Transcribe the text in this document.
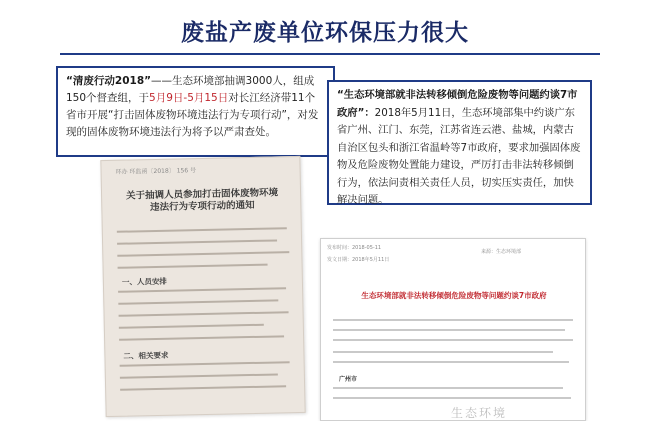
废盐产废单位环保压力很大
“清废行动2018”——生态环境部抽调3000人，组成150个督查组，于5月9日-5月15日对长江经济带11个省市开展“打击固体废物环境违法行为专项行动”，对发现的固体废物环境违法行为将予以严肃查处。
“生态环境部就非法转移倾倒危险废物等问题约谈7市政府”：2018年5月11日，生态环境部集中约谈广东省广州、江门、东莞，江苏省连云港、盐城，内蒙古自治区包头和浙江省温岭等7市政府，要求加强固体废物及危险废物处置能力建设，严厉打击非法转移倾倒行为，依法问责相关责任人员，切实压实责任，加快解决问题。
环办 环监函〔2018〕 156 号
关于抽调人员参加打击固体废物环境违法行为专项行动的通知
一、人员安排
二、相关要求
发布时间：2018-05-11
来源：生态环境部
发文日期：2018年5月11日
生态环境部就非法转移倾倒危险废物等问题约谈7市政府
广州市
生态环境
